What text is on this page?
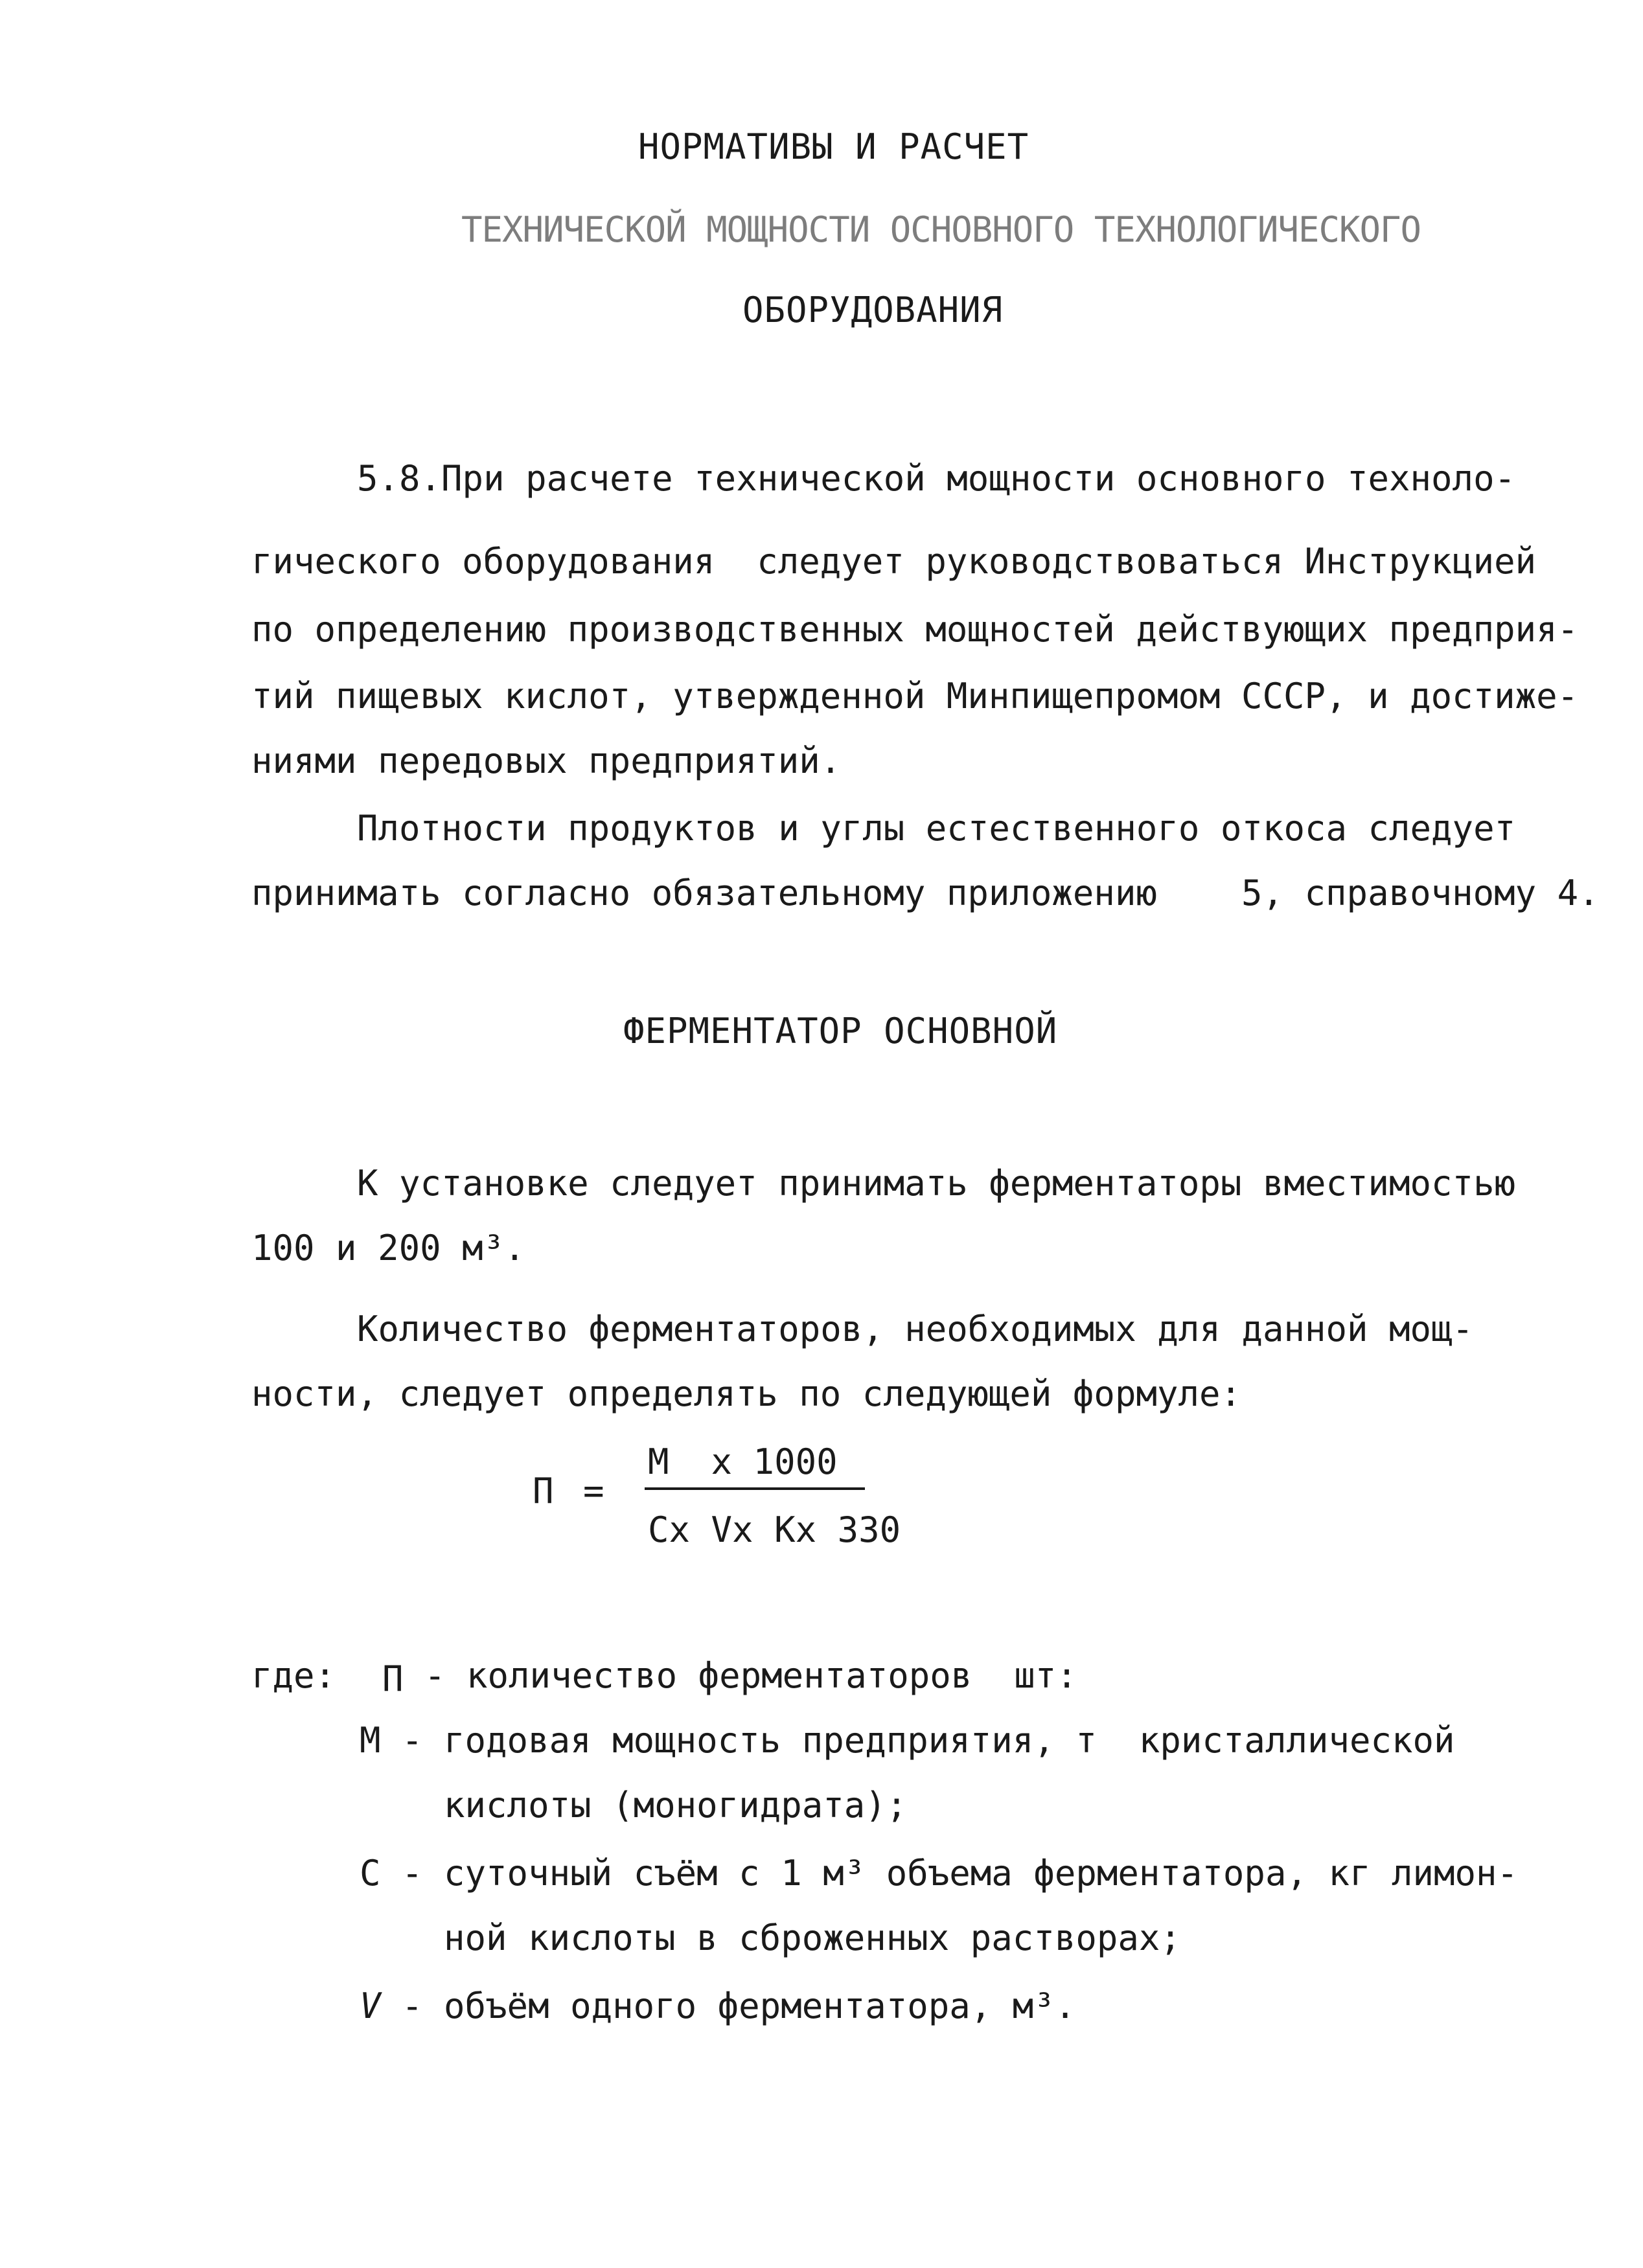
НОРМАТИВЫ И РАСЧЕТ
ТЕХНИЧЕСКОЙ МОЩНОСТИ ОСНОВНОГО ТЕХНОЛОГИЧЕСКОГО
ОБОРУДОВАНИЯ
5.8.При расчете технической мощности основного техноло-
гического оборудования  следует руководствоваться Инструкцией
по определению производственных мощностей действующих предприя-
тий пищевых кислот, утвержденной Минпищепромом СССР, и достиже-
ниями передовых предприятий.
Плотности продуктов и углы естественного откоса следует
принимать согласно обязательному приложению    5, справочному 4.
ФЕРМЕНТАТОР ОСНОВНОЙ
К установке следует принимать ферментаторы вместимостью
100 и 200 м³.
Количество ферментаторов, необходимых для данной мощ-
ности, следует определять по следующей формуле:
П =
М  х 1000
Сх Vх Кх 330
где: П - количество ферментаторов  шт:
М - годовая мощность предприятия, т  кристаллической
кислоты (моногидрата);
С - суточный съём с 1 м³ объема ферментатора, кг лимон-
ной кислоты в сброженных растворах;
V - объём одного ферментатора, м³.
